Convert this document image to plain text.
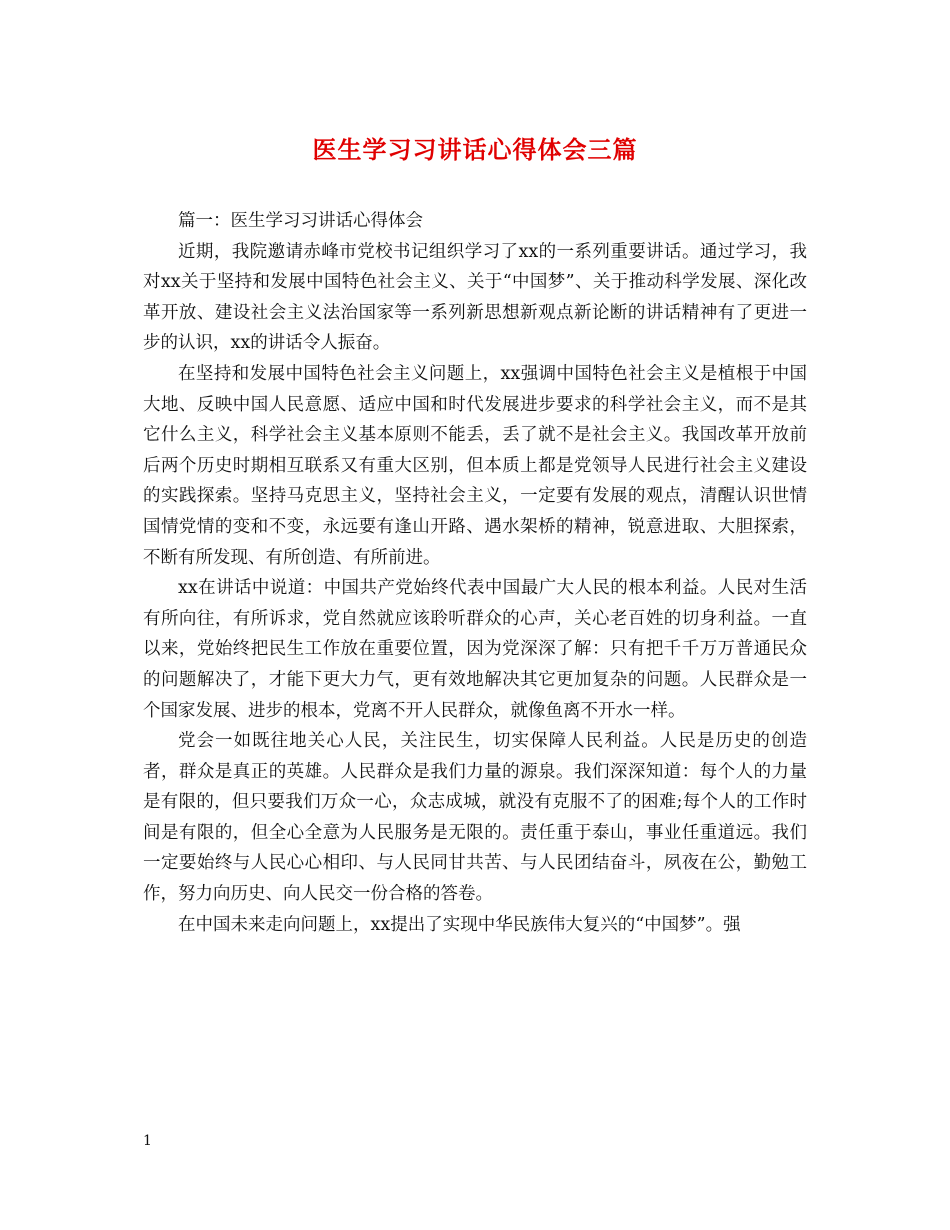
医生学习习讲话心得体会三篇

篇一：医生学习习讲话心得体会

近期，我院邀请赤峰市党校书记组织学习了xx的一系列重要讲话。通过学习，我对xx关于坚持和发展中国特色社会主义、关于“中国梦”、关于推动科学发展、深化改革开放、建设社会主义法治国家等一系列新思想新观点新论断的讲话精神有了更进一步的认识，xx的讲话令人振奋。

在坚持和发展中国特色社会主义问题上，xx强调中国特色社会主义是植根于中国大地、反映中国人民意愿、适应中国和时代发展进步要求的科学社会主义，而不是其它什么主义，科学社会主义基本原则不能丢，丢了就不是社会主义。我国改革开放前后两个历史时期相互联系又有重大区别，但本质上都是党领导人民进行社会主义建设的实践探索。坚持马克思主义，坚持社会主义，一定要有发展的观点，清醒认识世情国情党情的变和不变，永远要有逢山开路、遇水架桥的精神，锐意进取、大胆探索，不断有所发现、有所创造、有所前进。

xx在讲话中说道：中国共产党始终代表中国最广大人民的根本利益。人民对生活有所向往，有所诉求，党自然就应该聆听群众的心声，关心老百姓的切身利益。一直以来，党始终把民生工作放在重要位置，因为党深深了解：只有把千千万万普通民众的问题解决了，才能下更大力气，更有效地解决其它更加复杂的问题。人民群众是一个国家发展、进步的根本，党离不开人民群众，就像鱼离不开水一样。

党会一如既往地关心人民，关注民生，切实保障人民利益。人民是历史的创造者，群众是真正的英雄。人民群众是我们力量的源泉。我们深深知道：每个人的力量是有限的，但只要我们万众一心，众志成城，就没有克服不了的困难;每个人的工作时间是有限的，但全心全意为人民服务是无限的。责任重于泰山，事业任重道远。我们一定要始终与人民心心相印、与人民同甘共苦、与人民团结奋斗，夙夜在公，勤勉工作，努力向历史、向人民交一份合格的答卷。

在中国未来走向问题上，xx提出了实现中华民族伟大复兴的“中国梦”。强

1
